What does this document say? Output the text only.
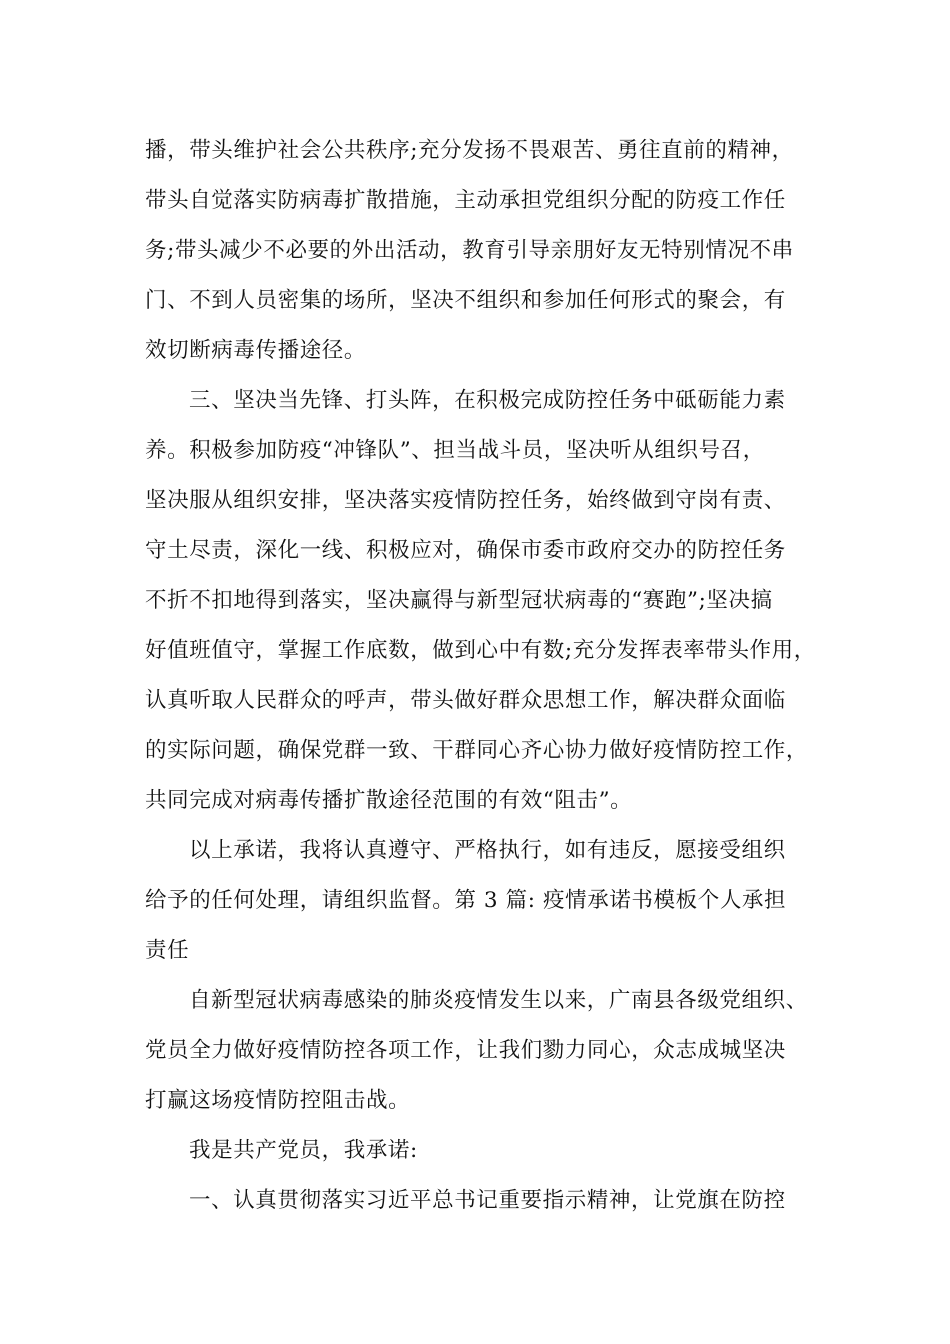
播，带头维护社会公共秩序;充分发扬不畏艰苦、勇往直前的精神，
带头自觉落实防病毒扩散措施，主动承担党组织分配的防疫工作任
务;带头减少不必要的外出活动，教育引导亲朋好友无特别情况不串
门、不到人员密集的场所，坚决不组织和参加任何形式的聚会，有
效切断病毒传播途径。
三、坚决当先锋、打头阵，在积极完成防控任务中砥砺能力素
养。积极参加防疫“冲锋队”、担当战斗员，坚决听从组织号召，
坚决服从组织安排，坚决落实疫情防控任务，始终做到守岗有责、
守土尽责，深化一线、积极应对，确保市委市政府交办的防控任务
不折不扣地得到落实，坚决赢得与新型冠状病毒的“赛跑”;坚决搞
好值班值守，掌握工作底数，做到心中有数;充分发挥表率带头作用，
认真听取人民群众的呼声，带头做好群众思想工作，解决群众面临
的实际问题，确保党群一致、干群同心齐心协力做好疫情防控工作，
共同完成对病毒传播扩散途径范围的有效“阻击”。
以上承诺，我将认真遵守、严格执行，如有违反，愿接受组织
给予的任何处理，请组织监督。第 3 篇: 疫情承诺书模板个人承担
责任
自新型冠状病毒感染的肺炎疫情发生以来，广南县各级党组织、
党员全力做好疫情防控各项工作，让我们勠力同心，众志成城坚决
打赢这场疫情防控阻击战。
我是共产党员，我承诺:
一、认真贯彻落实习近平总书记重要指示精神，让党旗在防控
